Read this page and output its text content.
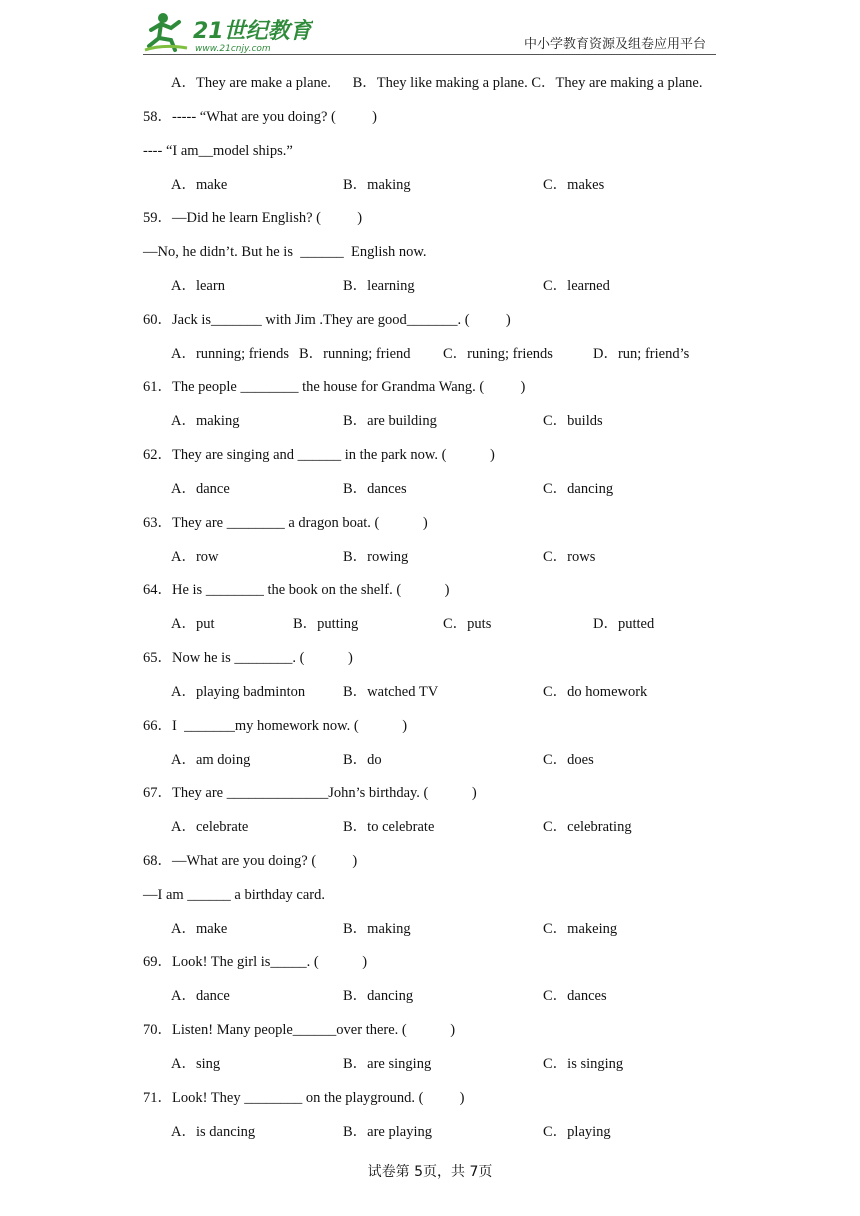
21世纪教育
www.21cnjy.com	中小学教育资源及组卷应用平台
A．They are make a plane.      B．They like making a plane. C．They are making a plane.
58．----- “What are you doing? (          )
---- “I am__model ships.”
A．make	B．making	C．makes
59．—Did he learn English? (          )
—No, he didn’t. But he is  ______  English now.
A．learn	B．learning	C．learned
60．Jack is_______ with Jim .They are good_______. (          )
A．running; friends B．running; friend C．runing; friends	D．run; friend’s
61．The people ________ the house for Grandma Wang. (          )
A．making	B．are building	C．builds
62．They are singing and ______ in the park now. (            )
A．dance	B．dances	C．dancing
63．They are ________ a dragon boat. (            )
A．row	B．rowing	C．rows
64．He is ________ the book on the shelf. (            )
A．put	B．putting	C．puts	D．putted
65．Now he is ________. (            )
A．playing badminton	B．watched TV	C．do homework
66．I  _______my homework now. (            )
A．am doing	B．do	C．does
67．They are ______________John’s birthday. (            )
A．celebrate	B．to celebrate	C．celebrating
68．—What are you doing? (          )
—I am ______ a birthday card.
A．make	B．making	C．makeing
69．Look! The girl is_____. (            )
A．dance	B．dancing	C．dances
70．Listen! Many people______over there. (            )
A．sing	B．are singing	C．is singing
71．Look! They ________ on the playground. (          )
A．is dancing	B．are playing	C．playing
试卷第 5页，共 7页
